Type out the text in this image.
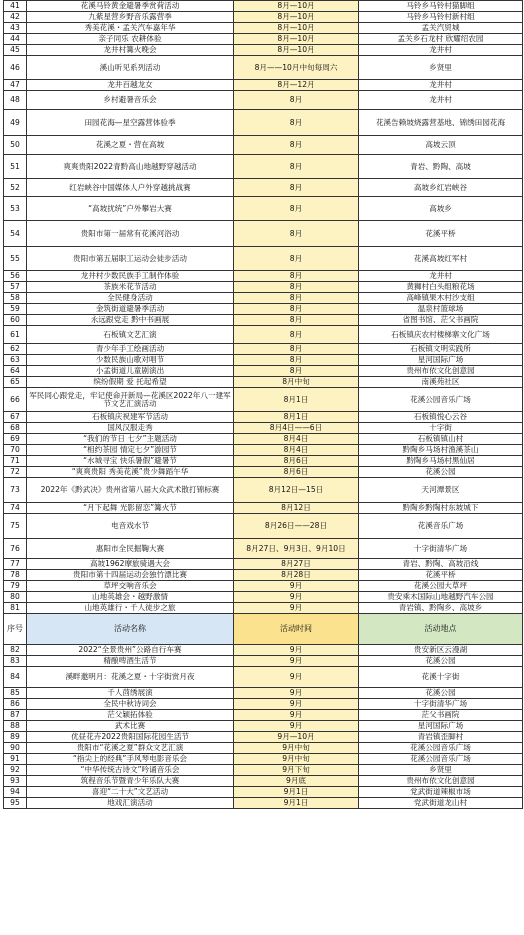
41	花溪马铃黄金避暑季赏荷活动	8月—10月	马铃乡马铃村猫脚组
42	九紫星营乡野音乐露营季	8月—10月	马铃乡马铃村新村组
43	秀美花溪・孟关汽车嘉年华	8月—10月	孟关汽贸城
44	亲子同乐 农耕体验	8月—10月	孟关乡石龙村 欣耀绍农园
45	龙井村篝火晚会	8月—10月	龙井村
46	溪山听见系列活动	8月——10月中旬每周六	乡贤里
47	龙井百越龙女	8月—12月	龙井村
48	乡村避暑音乐会	8月	龙井村
49	田园花海—星空露营体验季	8月	花溪告赖坡烧露营基地、锦绣田园花海
50	花溪之夏・营在高坡	8月	高坡云顶
51	爽爽贵阳2022青黔高山地越野穿越活动	8月	青岩、黔陶、高坡
52	红岩峡谷中国媒体人户外穿越挑战赛	8月	高坡乡红岩峡谷
53	“高坡扰统”户外攀岩大赛	8月	高坡乡
54	贵阳市第一届常有花溪河浴动	8月	花溪平桥
55	贵阳市第五届职工运动会徒步活动	8月	花溪高坡红军村
56	龙井村少数民族手工制作体验	8月	龙井村
57	茶族米花节活动	8月	黄狮村白头组粮花场
58	全民健身活动	8月	高峰镇果木村沙支组
59	金筑街道避暑季活动	8月	温泉村篮球场
60	永远跟党走 黔中书画展	8月	省图书馆、茫父书画院
61	石板镇文艺汇演	8月	石板镇庆农村楼梯寨文化广场
62	青少年手工绘画活动	8月	石板镇文明实践所
63	少数民族山歌对唱节	8月	星河国际广场
64	小孟街道儿童剧演出	8月	贵州布依文化创意园
65	缤纷假期 爱 托起希望	8月中旬	南溪苑社区
66	军民同心跟党走，牢记使命开新局—花溪区2022年八一建军节文艺汇演活动	8月1日	花溪公园音乐广场
67	石板镇庆祝建军节活动	8月1日	石板镇悦心云谷
68	国风汉服走秀	8月4日——6日	十字街
69	“我们的节日 七夕”主题活动	8月4日	石板镇镇山村
70	“相约茶园 情定七夕”游园节	8月4日	黔陶乡马场村渔溪茶山
71	“水城寻宝 快乐暑假”避暑节	8月6日	黔陶乡马场村黑仙居
72	“爽爽贵阳 秀美花溪”贵少舞蹈午华	8月6日	花溪公园
73	2022年《黔武决》贵州省第八届大众武术散打锦标赛	8月12日—15日	天河潭景区
74	“月下起舞 光影留恋”篝火节	8月12日	黔陶乡黔陶村东坡城下
75	电音戏水节	8月26日——28日	花溪音乐广场
76	惠阳市全民掘鞠大赛	8月27日、9月3日、9月10日	十字街清华广场
77	高坡1962摩旅骑遇大会	8月27日	青岩、黔陶、高坡沿线
78	贵阳市第十四届运动会独竹漂比赛	8月28日	花溪平桥
79	草坪交响音乐会	9月	花溪公园大草坪
80	山地英雄会・越野激情	9月	贵安乘木国际山地越野汽车公园
81	山地英雄行・千人徒步之旅	9月	青岩镇、黔陶乡、高坡乡
序号	活动名称	活动时间	活动地点
82	2022“全景贵州”公路自行车赛	9月	贵安新区云漫湖
83	精酿啤酒生活节	9月	花溪公园
84	溪畔邀明月：花溪之夏・十字街赏月夜	9月	花溪十字街
85	千人茴绣展演	9月	花溪公园
86	全民中秋诗词会	9月	十字街清华广场
87	茫父颖拓体验	9月	茫父书画院
88	武术比赛	9月	星河国际广场
89	优昼花卉2022贵阳国际花园生活节	9月—10月	青岩镇歪脚村
90	贵阳市“花溪之夏”群众文艺汇演	9月中旬	花溪公园音乐广场
91	“指尖上的经典”手风琴电影音乐会	9月中旬	花溪公园音乐广场
92	“中华传统古诗文”吟诵音乐会	9月下旬	乡贤里
93	筑程音乐节暨青少年乐队大赛	9月底	贵州布依文化创意园
94	喜迎“二十大”文艺活动	9月1日	党武街道辣椒市场
95	地戏汇演活动	9月1日	党武街道龙山村
